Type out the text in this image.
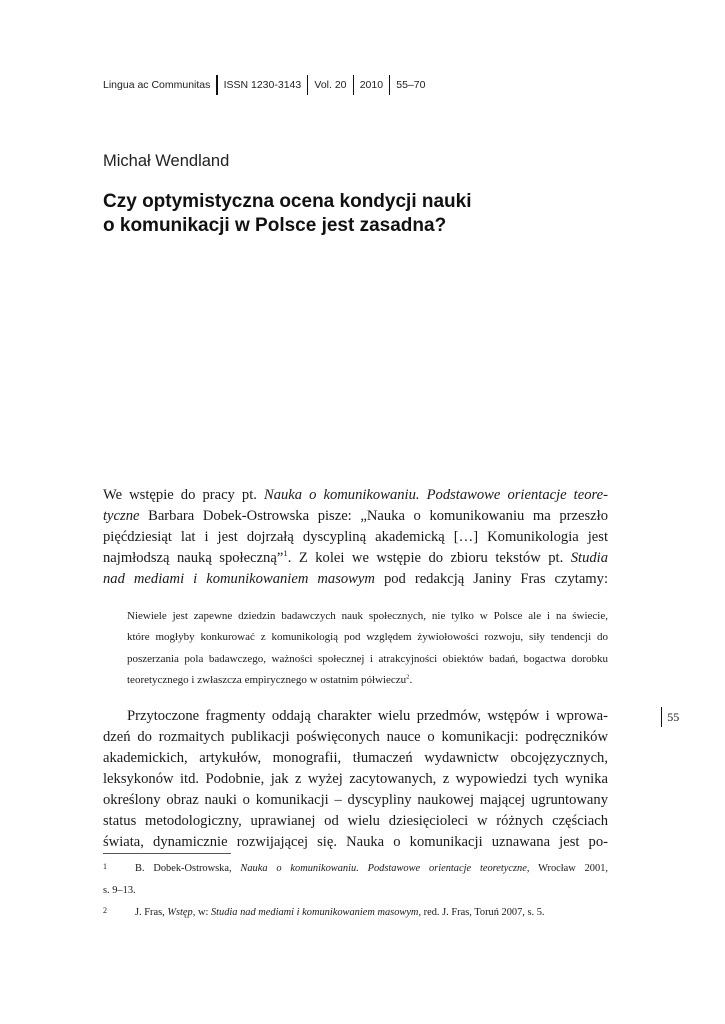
Lingua ac Communitas ISSN 1230-3143 Vol. 20 2010 55–70
Michał Wendland
Czy optymistyczna ocena kondycji nauki
o komunikacji w Polsce jest zasadna?
We wstępie do pracy pt. Nauka o komunikowaniu. Podstawowe orientacje teore-
tyczne Barbara Dobek-Ostrowska pisze: „Nauka o komunikowaniu ma przeszło
pięćdziesiąt lat i jest dojrzałą dyscypliną akademicką […] Komunikologia jest
najmłodszą nauką społeczną”$^1$. Z kolei we wstępie do zbioru tekstów pt. Studia
nad mediami i komunikowaniem masowym pod redakcją Janiny Fras czytamy:
Niewiele jest zapewne dziedzin badawczych nauk społecznych, nie tylko w Polsce ale i na świecie,
które mogłyby konkurować z komunikologią pod względem żywiołowości rozwoju, siły tendencji do
poszerzania pola badawczego, ważności społecznej i atrakcyjności obiektów badań, bogactwa dorobku
teoretycznego i zwłaszcza empirycznego w ostatnim półwieczu$^2$.
Przytoczone fragmenty oddają charakter wielu przedmów, wstępów i wprowa-
dzeń do rozmaitych publikacji poświęconych nauce o komunikacji: podręczników
akademickich, artykułów, monografii, tłumaczeń wydawnictw obcojęzycznych,
leksykonów itd. Podobnie, jak z wyżej zacytowanych, z wypowiedzi tych wynika
określony obraz nauki o komunikacji – dyscypliny naukowej mającej ugruntowany
status metodologiczny, uprawianej od wielu dziesięcioleci w różnych częściach
świata, dynamicznie rozwijającej się. Nauka o komunikacji uznawana jest po-
55
1	B. Dobek-Ostrowska, Nauka o komunikowaniu. Podstawowe orientacje teoretyczne, Wrocław 2001,
s. 9–13.
2	J. Fras, Wstęp, w: Studia nad mediami i komunikowaniem masowym, red. J. Fras, Toruń 2007, s. 5.
